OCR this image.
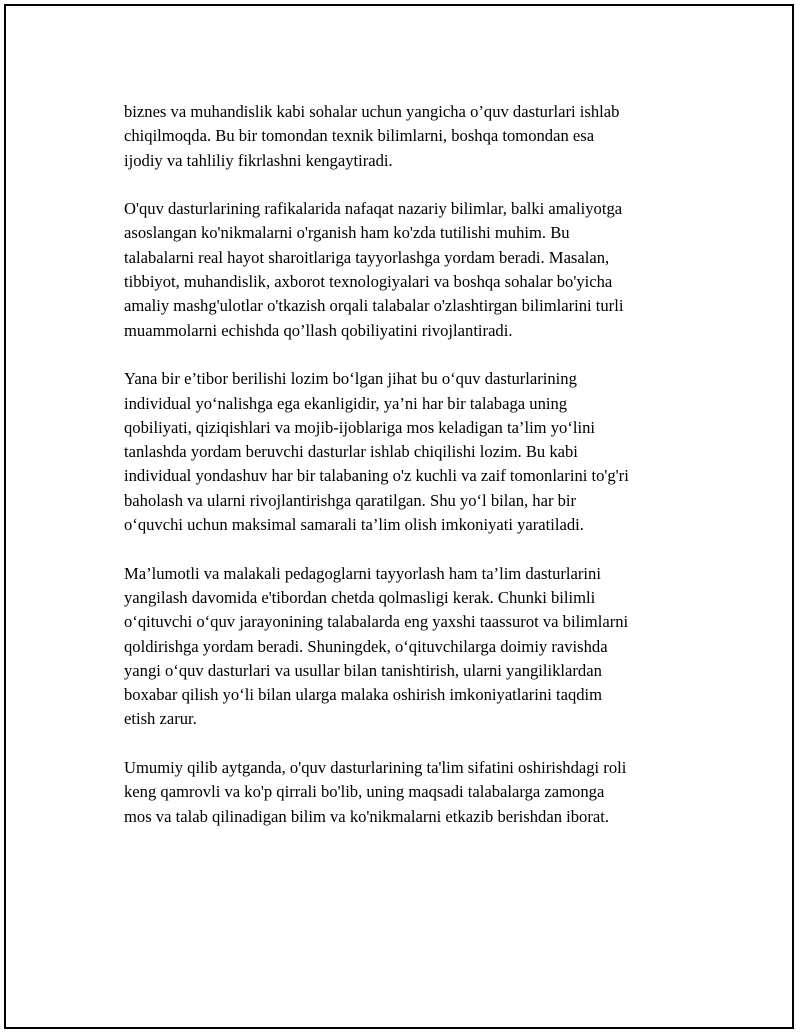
biznes va muhandislik kabi sohalar uchun yangicha o’quv dasturlari ishlab
chiqilmoqda. Bu bir tomondan texnik bilimlarni, boshqa tomondan esa
ijodiy va tahliliy fikrlashni kengaytiradi.

O'quv dasturlarining rafikalarida nafaqat nazariy bilimlar, balki amaliyotga
asoslangan ko'nikmalarni o'rganish ham ko'zda tutilishi muhim. Bu
talabalarni real hayot sharoitlariga tayyorlashga yordam beradi. Masalan,
tibbiyot, muhandislik, axborot texnologiyalari va boshqa sohalar bo'yicha
amaliy mashg'ulotlar o'tkazish orqali talabalar o'zlashtirgan bilimlarini turli
muammolarni echishda qo’llash qobiliyatini rivojlantiradi.

Yana bir e’tibor berilishi lozim bo‘lgan jihat bu o‘quv dasturlarining
individual yo‘nalishga ega ekanligidir, ya’ni har bir talabaga uning
qobiliyati, qiziqishlari va mojib-ijoblariga mos keladigan ta’lim yo‘lini
tanlashda yordam beruvchi dasturlar ishlab chiqilishi lozim. Bu kabi
individual yondashuv har bir talabaning o'z kuchli va zaif tomonlarini to'g'ri
baholash va ularni rivojlantirishga qaratilgan. Shu yo‘l bilan, har bir
o‘quvchi uchun maksimal samarali ta’lim olish imkoniyati yaratiladi.

Ma’lumotli va malakali pedagoglarni tayyorlash ham ta’lim dasturlarini
yangilash davomida e'tibordan chetda qolmasligi kerak. Chunki bilimli
o‘qituvchi o‘quv jarayonining talabalarda eng yaxshi taassurot va bilimlarni
qoldirishga yordam beradi. Shuningdek, o‘qituvchilarga doimiy ravishda
yangi o‘quv dasturlari va usullar bilan tanishtirish, ularni yangiliklardan
boxabar qilish yo‘li bilan ularga malaka oshirish imkoniyatlarini taqdim
etish zarur.

Umumiy qilib aytganda, o'quv dasturlarining ta'lim sifatini oshirishdagi roli
keng qamrovli va ko'p qirrali bo'lib, uning maqsadi talabalarga zamonga
mos va talab qilinadigan bilim va ko'nikmalarni etkazib berishdan iborat.
